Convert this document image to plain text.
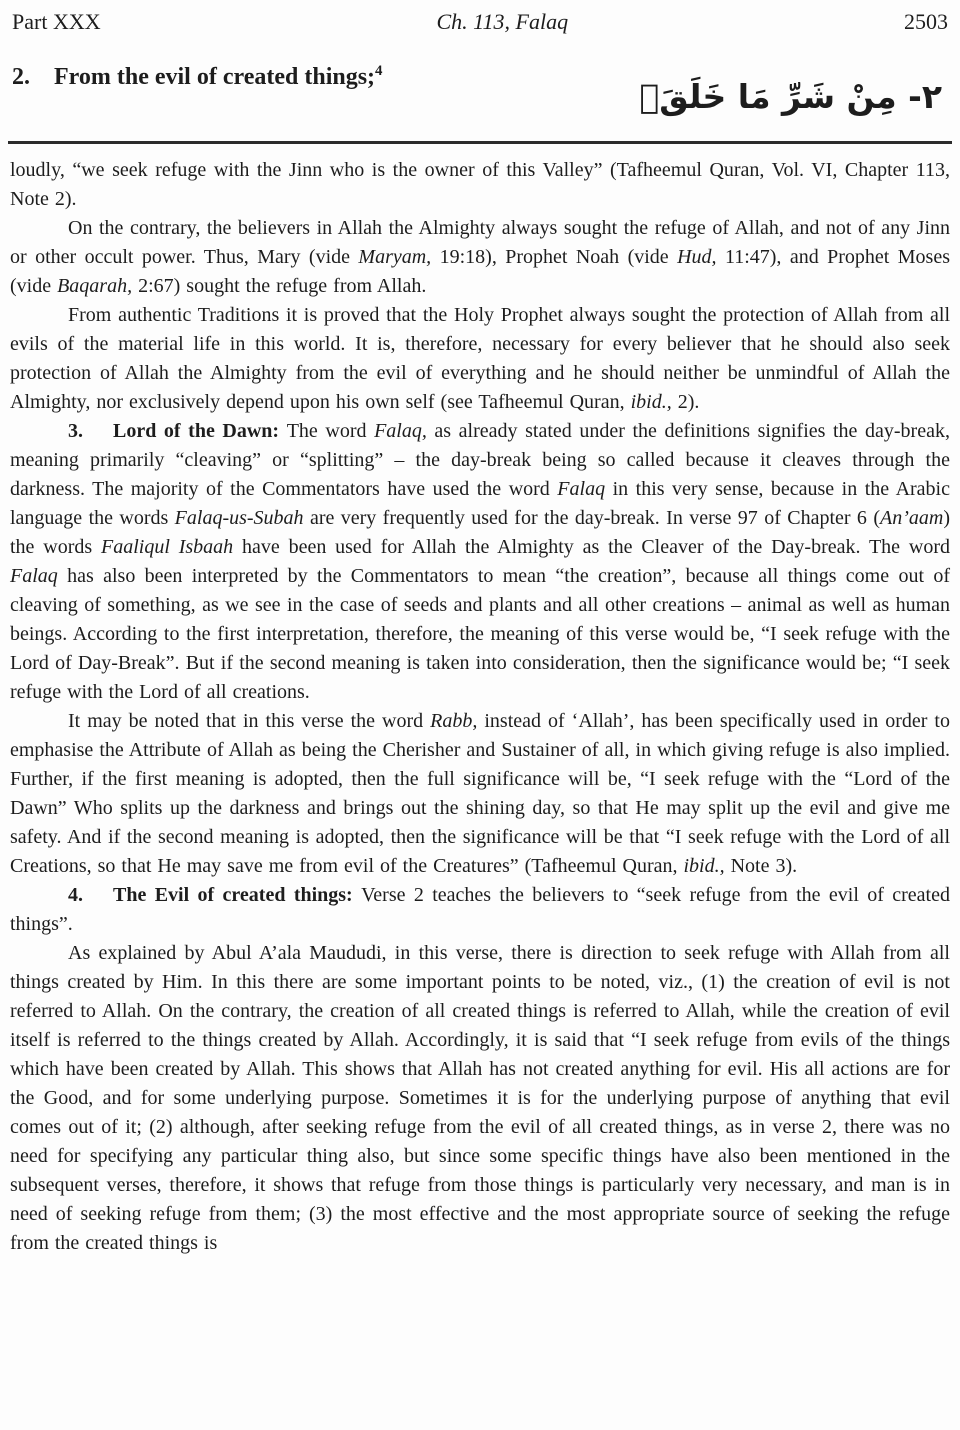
Part XXX	Ch. 113, Falaq	2503
2. From the evil of created things;$^4$
٢- مِنْ شَرِّ مَا خَلَقَۙ

loudly, “we seek refuge with the Jinn who is the owner of this Valley” (Tafheemul Quran, Vol. VI, Chapter 113, Note 2).

On the contrary, the believers in Allah the Almighty always sought the refuge of Allah, and not of any Jinn or other occult power. Thus, Mary (vide Maryam, 19:18), Prophet Noah (vide Hud, 11:47), and Prophet Moses (vide Baqarah, 2:67) sought the refuge from Allah.

From authentic Traditions it is proved that the Holy Prophet always sought the protection of Allah from all evils of the material life in this world. It is, therefore, necessary for every believer that he should also seek protection of Allah the Almighty from the evil of everything and he should neither be unmindful of Allah the Almighty, nor exclusively depend upon his own self (see Tafheemul Quran, ibid., 2).

3.  Lord of the Dawn: The word Falaq, as already stated under the definitions signifies the day-break, meaning primarily “cleaving” or “splitting” – the day-break being so called because it cleaves through the darkness. The majority of the Commentators have used the word Falaq in this very sense, because in the Arabic language the words Falaq-us-Subah are very frequently used for the day-break. In verse 97 of Chapter 6 (An’aam) the words Faaliqul Isbaah have been used for Allah the Almighty as the Cleaver of the Day-break. The word Falaq has also been interpreted by the Commentators to mean “the creation”, because all things come out of cleaving of something, as we see in the case of seeds and plants and all other creations – animal as well as human beings. According to the first interpretation, therefore, the meaning of this verse would be, “I seek refuge with the Lord of Day-Break”. But if the second meaning is taken into consideration, then the significance would be; “I seek refuge with the Lord of all creations.

It may be noted that in this verse the word Rabb, instead of ‘Allah’, has been specifically used in order to emphasise the Attribute of Allah as being the Cherisher and Sustainer of all, in which giving refuge is also implied. Further, if the first meaning is adopted, then the full significance will be, “I seek refuge with the “Lord of the Dawn” Who splits up the darkness and brings out the shining day, so that He may split up the evil and give me safety. And if the second meaning is adopted, then the significance will be that “I seek refuge with the Lord of all Creations, so that He may save me from evil of the Creatures” (Tafheemul Quran, ibid., Note 3).

4.  The Evil of created things: Verse 2 teaches the believers to “seek refuge from the evil of created things”.

As explained by Abul A’ala Maududi, in this verse, there is direction to seek refuge with Allah from all things created by Him. In this there are some important points to be noted, viz., (1) the creation of evil is not referred to Allah. On the contrary, the creation of all created things is referred to Allah, while the creation of evil itself is referred to the things created by Allah. Accordingly, it is said that “I seek refuge from evils of the things which have been created by Allah. This shows that Allah has not created anything for evil. His all actions are for the Good, and for some underlying purpose. Sometimes it is for the underlying purpose of anything that evil comes out of it; (2) although, after seeking refuge from the evil of all created things, as in verse 2, there was no need for specifying any particular thing also, but since some specific things have also been mentioned in the subsequent verses, therefore, it shows that refuge from those things is particularly very necessary, and man is in need of seeking refuge from them; (3) the most effective and the most appropriate source of seeking the refuge from the created things is
